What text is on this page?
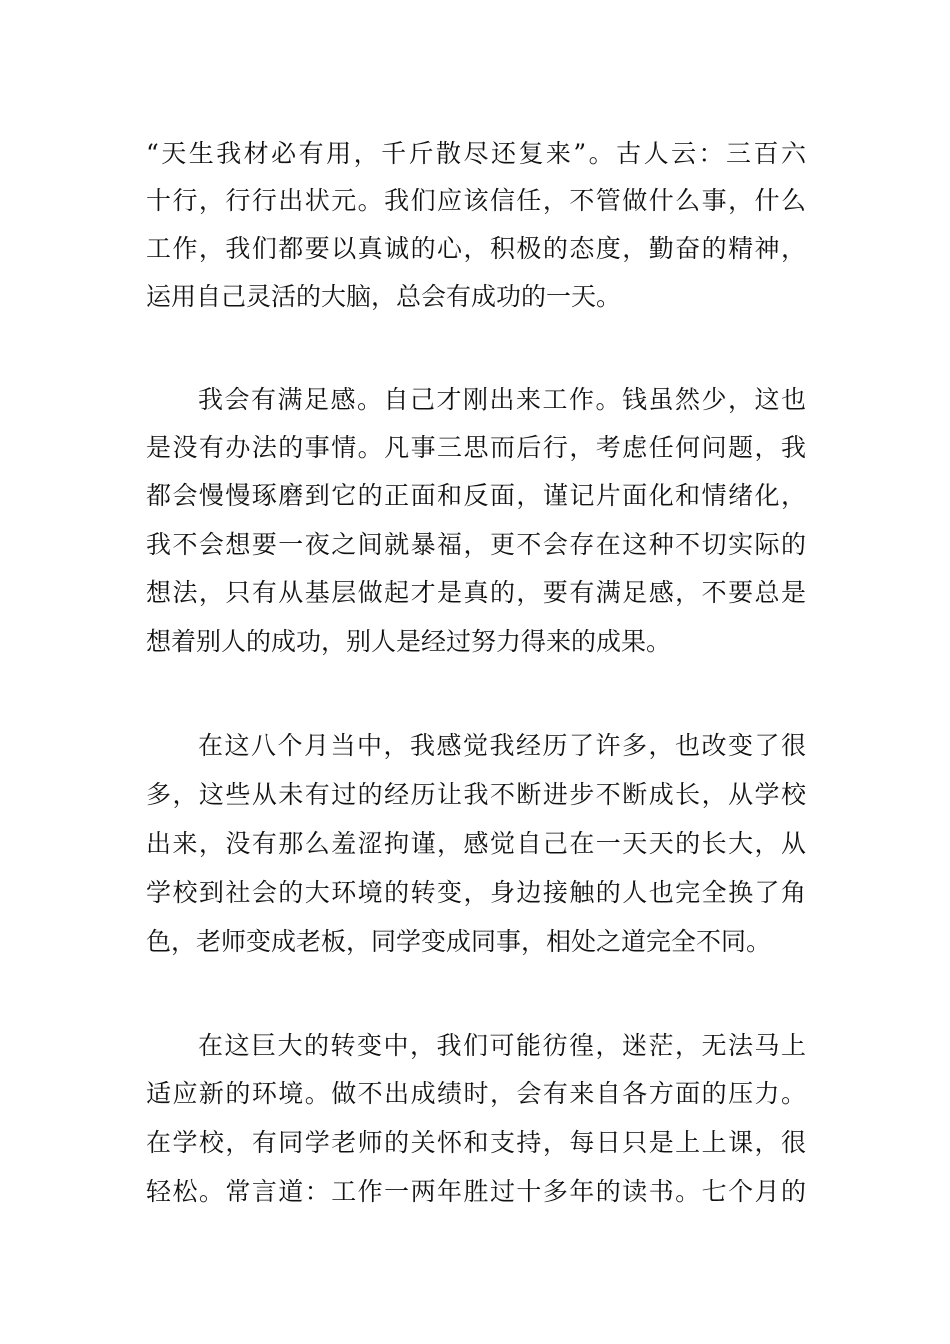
“天生我材必有用，千斤散尽还复来”。古人云：三百六
十行，行行出状元。我们应该信任，不管做什么事，什么
工作，我们都要以真诚的心，积极的态度，勤奋的精神，
运用自己灵活的大脑，总会有成功的一天。
我会有满足感。自己才刚出来工作。钱虽然少，这也
是没有办法的事情。凡事三思而后行，考虑任何问题，我
都会慢慢琢磨到它的正面和反面，谨记片面化和情绪化，
我不会想要一夜之间就暴福，更不会存在这种不切实际的
想法，只有从基层做起才是真的，要有满足感，不要总是
想着别人的成功，别人是经过努力得来的成果。
在这八个月当中，我感觉我经历了许多，也改变了很
多，这些从未有过的经历让我不断进步不断成长，从学校
出来，没有那么羞涩拘谨，感觉自己在一天天的长大，从
学校到社会的大环境的转变，身边接触的人也完全换了角
色，老师变成老板，同学变成同事，相处之道完全不同。
在这巨大的转变中，我们可能彷徨，迷茫，无法马上
适应新的环境。做不出成绩时，会有来自各方面的压力。
在学校，有同学老师的关怀和支持，每日只是上上课，很
轻松。常言道：工作一两年胜过十多年的读书。七个月的
